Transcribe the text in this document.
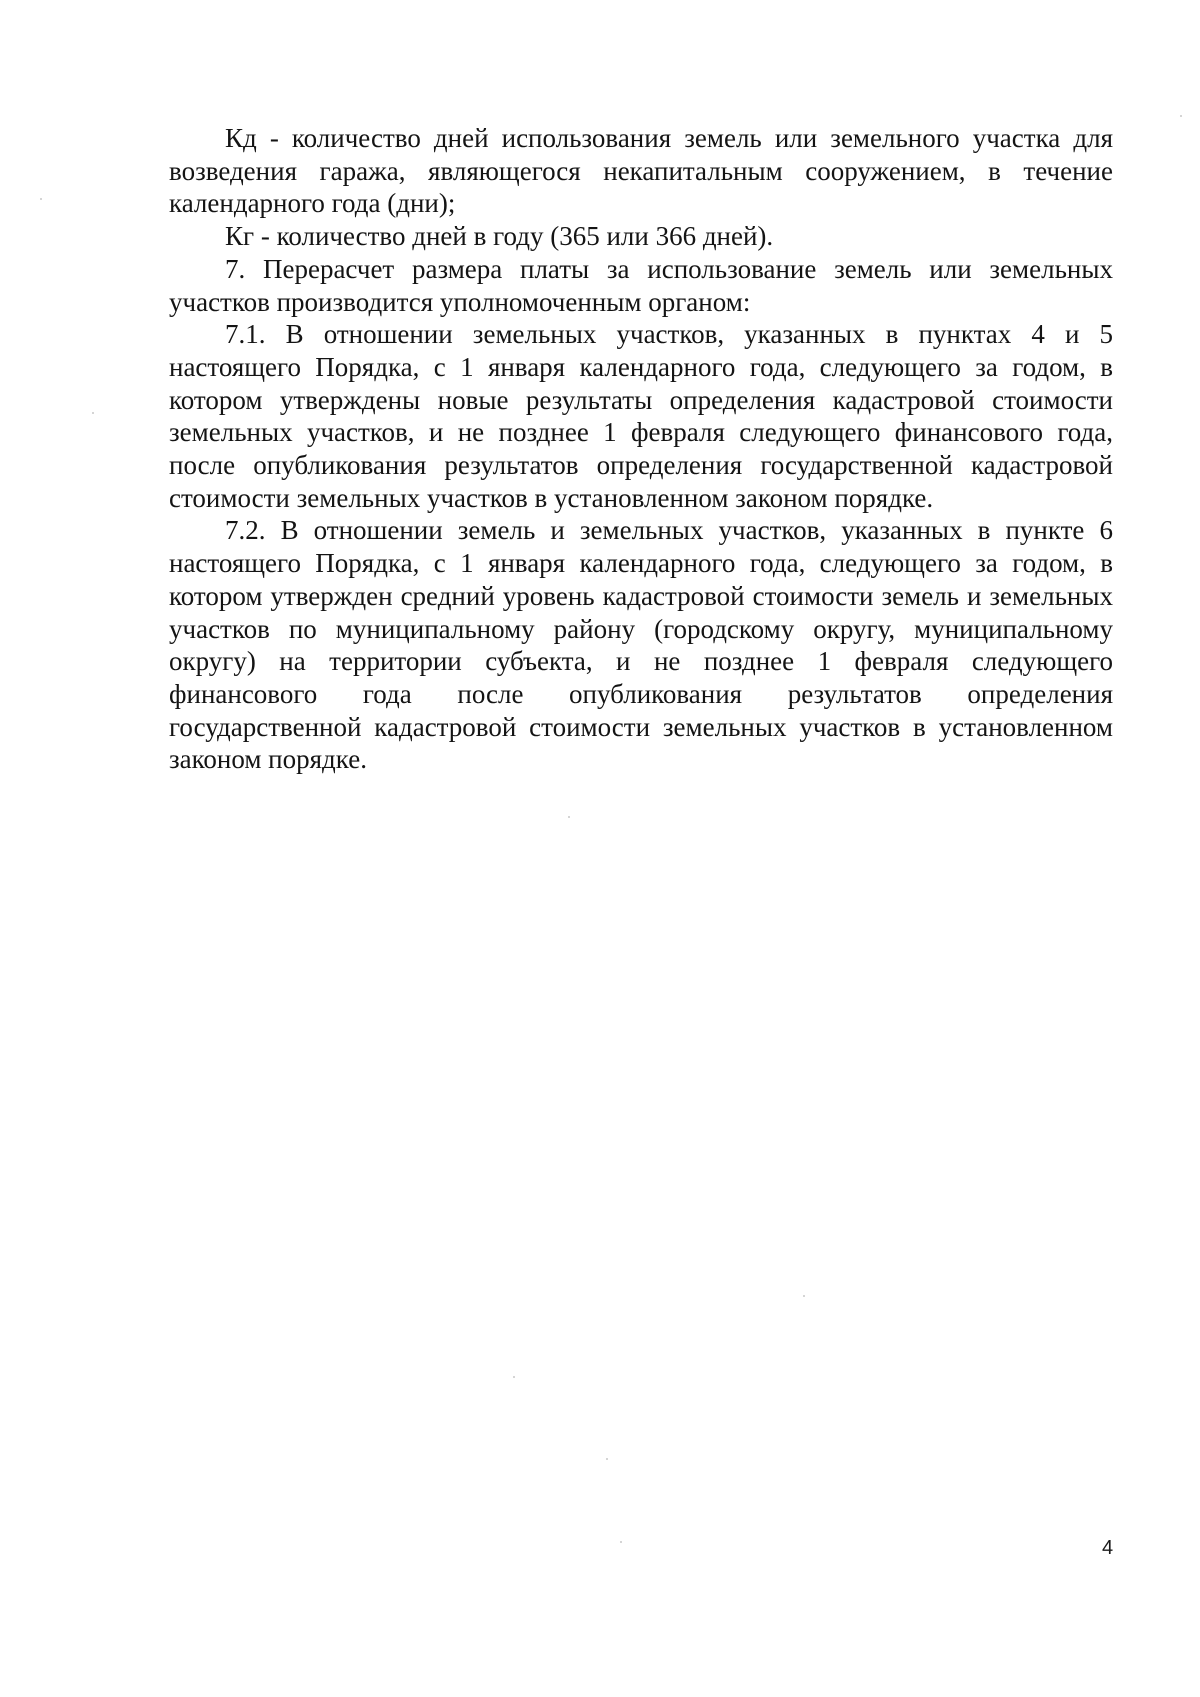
Кд - количество дней использования земель или земельного участка для возведения гаража, являющегося некапитальным сооружением, в течение календарного года (дни);

Кг - количество дней в году (365 или 366 дней).

7. Перерасчет размера платы за использование земель или земельных участков производится уполномоченным органом:

7.1. В отношении земельных участков, указанных в пунктах 4 и 5 настоящего Порядка, с 1 января календарного года, следующего за годом, в котором утверждены новые результаты определения кадастровой стоимости земельных участков, и не позднее 1 февраля следующего финансового года, после опубликования результатов определения государственной кадастровой стоимости земельных участков в установленном законом порядке.

7.2. В отношении земель и земельных участков, указанных в пункте 6 настоящего Порядка, с 1 января календарного года, следующего за годом, в котором утвержден средний уровень кадастровой стоимости земель и земельных участков по муниципальному району (городскому округу, муниципальному округу) на территории субъекта, и не позднее 1 февраля следующего финансового года после опубликования результатов определения государственной кадастровой стоимости земельных участков в установленном законом порядке.

4
